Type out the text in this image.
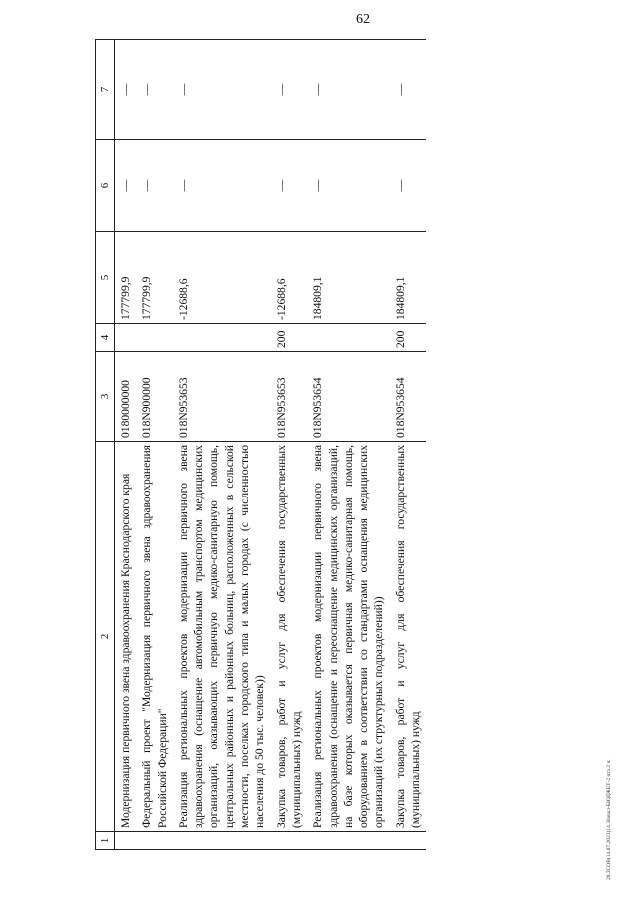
62
1	2	3	4	5	6	7
	Модернизация первичного звена здравоохранения Краснодарского края	0180000000		177799,9	—	—
	Федеральный проект "Модернизация первичного звена здравоохранения Российской Федерации"	018N900000		177799,9	—	—
	Реализация региональных проектов модернизации первичного звена здравоохранения (оснащение автомобильным транспортом медицинских организаций, оказывающих первичную медико-санитарную помощь, центральных районных и районных больниц, расположенных в сельской местности, поселках городского типа и малых городах (с численностью населения до 50 тыс. человек))	018N953653		-12688,6	—	—
	Закупка товаров, работ и услуг для обеспечения государственных (муниципальных) нужд	018N953653	200	-12688,6	—	—
	Реализация региональных проектов модернизации первичного звена здравоохранения (оснащение и переоснащение медицинских организаций, на базе которых оказывается первичная медико-санитарная помощь, оборудованием в соответствии со стандартами оснащения медицинских организаций (их структурных подразделений))	018N953654		184809,1	—	—
	Закупка товаров, работ и услуг для обеспечения государственных (муниципальных) нужд	018N953654	200	184809,1	—	—
20.ЗСОВ(14.07.2023)14.38ачал-БЮДЖЕТ-2 чтз.2 ч.
